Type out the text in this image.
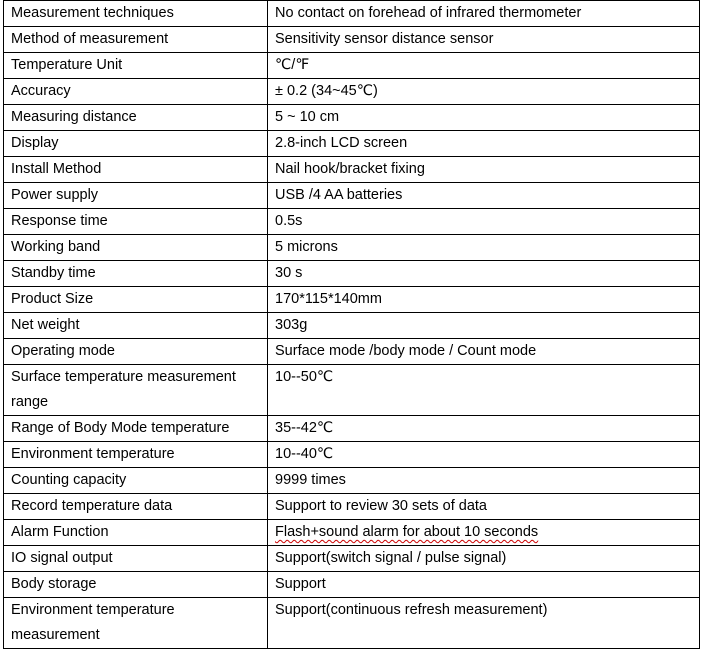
Measurement techniques	No contact on forehead of infrared thermometer
Method of measurement	Sensitivity sensor distance sensor
Temperature Unit	℃/℉
Accuracy	± 0.2 (34~45℃)
Measuring distance	5 ~ 10 cm
Display	2.8-inch LCD screen
Install Method	Nail hook/bracket fixing
Power supply	USB /4 AA batteries
Response time	0.5s
Working band	5 microns
Standby time	30 s
Product Size	170*115*140mm
Net weight	303g
Operating mode	Surface mode /body mode / Count mode
Surface temperature measurement range	10--50℃
Range of Body Mode temperature	35--42℃
Environment temperature	10--40℃
Counting capacity	9999 times
Record temperature data	Support to review 30 sets of data
Alarm Function	Flash+sound alarm for about 10 seconds
IO signal output	Support(switch signal / pulse signal)
Body storage	Support
Environment temperature measurement	Support(continuous refresh measurement)
